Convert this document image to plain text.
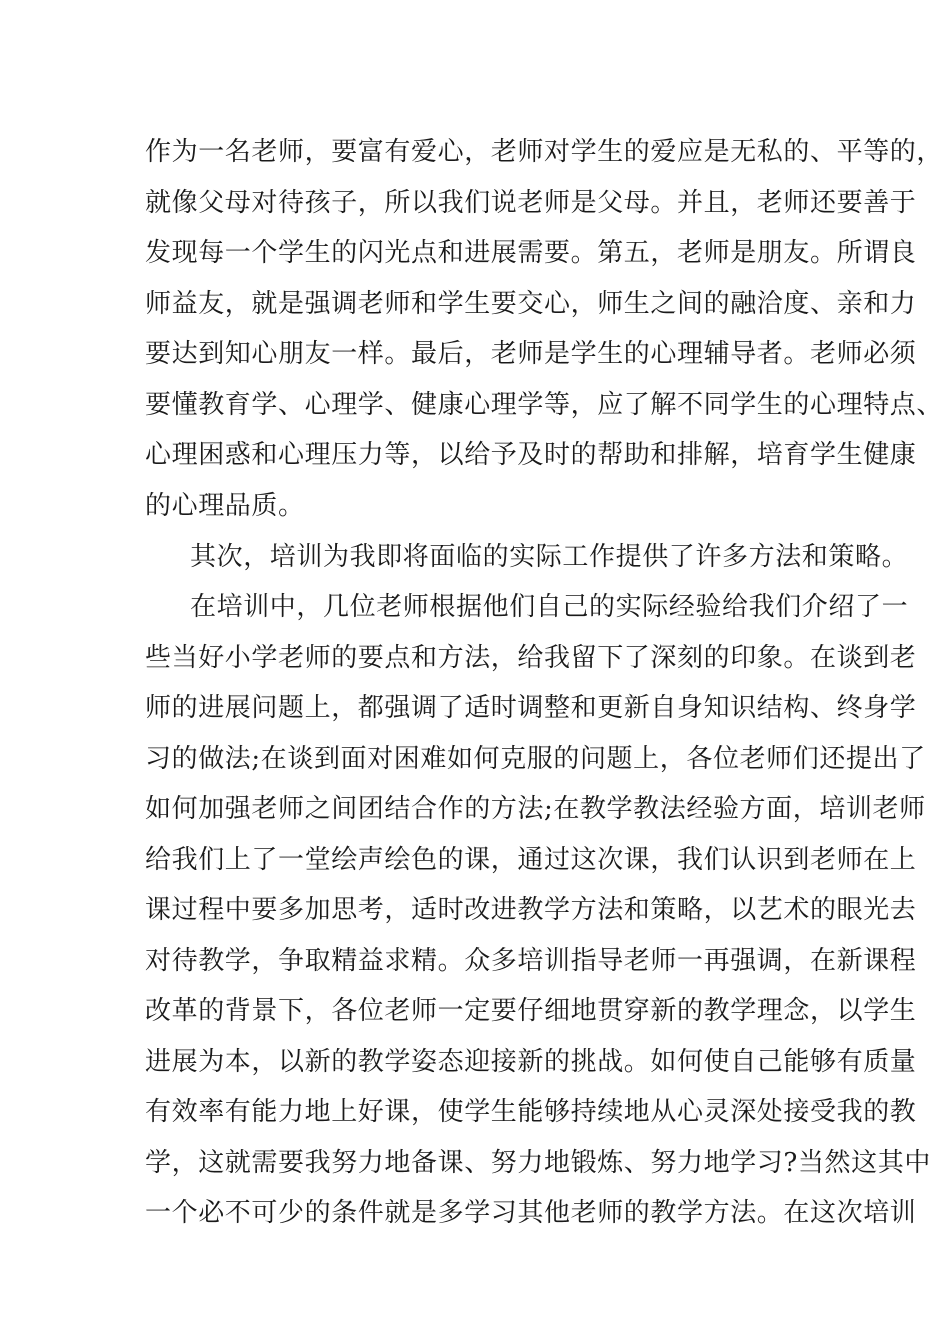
作为一名老师，要富有爱心，老师对学生的爱应是无私的、平等的，
就像父母对待孩子，所以我们说老师是父母。并且，老师还要善于
发现每一个学生的闪光点和进展需要。第五，老师是朋友。所谓良
师益友，就是强调老师和学生要交心，师生之间的融洽度、亲和力
要达到知心朋友一样。最后，老师是学生的心理辅导者。老师必须
要懂教育学、心理学、健康心理学等，应了解不同学生的心理特点、
心理困惑和心理压力等，以给予及时的帮助和排解，培育学生健康
的心理品质。
其次，培训为我即将面临的实际工作提供了许多方法和策略。
在培训中，几位老师根据他们自己的实际经验给我们介绍了一
些当好小学老师的要点和方法，给我留下了深刻的印象。在谈到老
师的进展问题上，都强调了适时调整和更新自身知识结构、终身学
习的做法;在谈到面对困难如何克服的问题上，各位老师们还提出了
如何加强老师之间团结合作的方法;在教学教法经验方面，培训老师
给我们上了一堂绘声绘色的课，通过这次课，我们认识到老师在上
课过程中要多加思考，适时改进教学方法和策略，以艺术的眼光去
对待教学，争取精益求精。众多培训指导老师一再强调，在新课程
改革的背景下，各位老师一定要仔细地贯穿新的教学理念，以学生
进展为本，以新的教学姿态迎接新的挑战。如何使自己能够有质量
有效率有能力地上好课，使学生能够持续地从心灵深处接受我的教
学，这就需要我努力地备课、努力地锻炼、努力地学习?当然这其中
一个必不可少的条件就是多学习其他老师的教学方法。在这次培训
